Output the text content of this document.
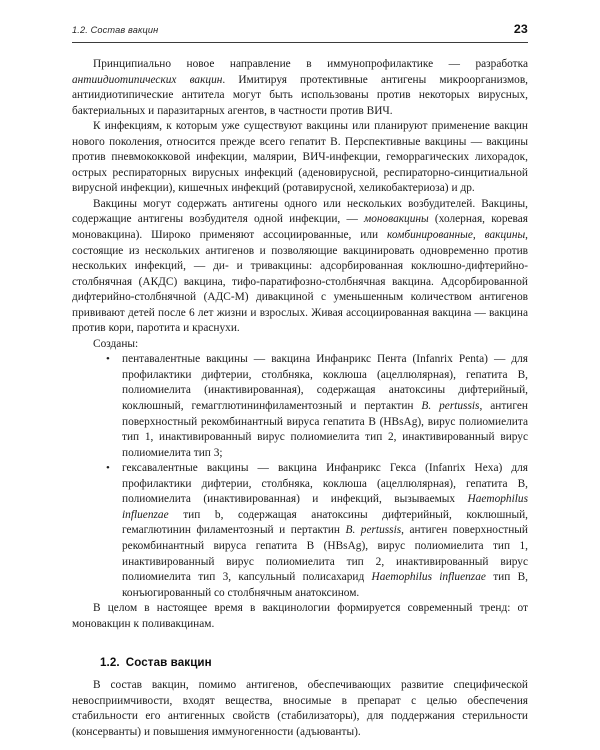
1.2. Состав вакцин	23

Принципиально новое направление в иммунопрофилактике — разработка антиидиотипических вакцин. Имитируя протективные антигены микроорганизмов, антиидиотипические антитела могут быть использованы против некоторых вирусных, бактериальных и паразитарных агентов, в частности против ВИЧ.

К инфекциям, к которым уже существуют вакцины или планируют применение вакцин нового поколения, относится прежде всего гепатит В. Перспективные вакцины — вакцины против пневмококковой инфекции, малярии, ВИЧ-инфекции, геморрагических лихорадок, острых респираторных вирусных инфекций (аденовирусной, респираторно-синцитиальной вирусной инфекции), кишечных инфекций (ротавирусной, хеликобактериоза) и др.

Вакцины могут содержать антигены одного или нескольких возбудителей. Вакцины, содержащие антигены возбудителя одной инфекции, — моновакцины (холерная, коревая моновакцина). Широко применяют ассоциированные, или комбинированные, вакцины, состоящие из нескольких антигенов и позволяющие вакцинировать одновременно против нескольких инфекций, — ди- и тривакцины: адсорбированная коклюшно-дифтерийно-столбнячная (АКДС) вакцина, тифо-паратифозно-столбнячная вакцина. Адсорбированной дифтерийно-столбнячной (АДС-М) дивакциной с уменьшенным количеством антигенов прививают детей после 6 лет жизни и взрослых. Живая ассоциированная вакцина — вакцина против кори, паротита и краснухи.

Созданы:

• пентавалентные вакцины — вакцина Инфанрикс Пента (Infanrix Penta) — для профилактики дифтерии, столбняка, коклюша (ацеллюлярная), гепатита В, полиомиелита (инактивированная), содержащая анатоксины дифтерийный, коклюшный, гемагглютининфиламентозный и пертактин B. pertussis, антиген поверхностный рекомбинантный вируса гепатита В (HBsAg), вирус полиомиелита тип 1, инактивированный вирус полиомиелита тип 2, инактивированный вирус полиомиелита тип 3;
• гексавалентные вакцины — вакцина Инфанрикс Гекса (Infanrix Hexa) для профилактики дифтерии, столбняка, коклюша (ацеллюлярная), гепатита В, полиомиелита (инактивированная) и инфекций, вызываемых Haemophilus influenzae тип b, содержащая анатоксины дифтерийный, коклюшный, гемаглютинин филаментозный и пертактин B. pertussis, антиген поверхностный рекомбинантный вируса гепатита В (HBsAg), вирус полиомиелита тип 1, инактивированный вирус полиомиелита тип 2, инактивированный вирус полиомиелита тип 3, капсульный полисахарид Haemophilus influenzae тип В, конъюгированный со столбнячным анатоксином.

В целом в настоящее время в вакцинологии формируется современный тренд: от моновакцин к поливакцинам.

1.2. Состав вакцин

В состав вакцин, помимо антигенов, обеспечивающих развитие специфической невосприимчивости, входят вещества, вносимые в препарат с целью обеспечения стабильности его антигенных свойств (стабилизаторы), для поддержания стерильности (консерванты) и повышения иммуногенности (адъюванты).
